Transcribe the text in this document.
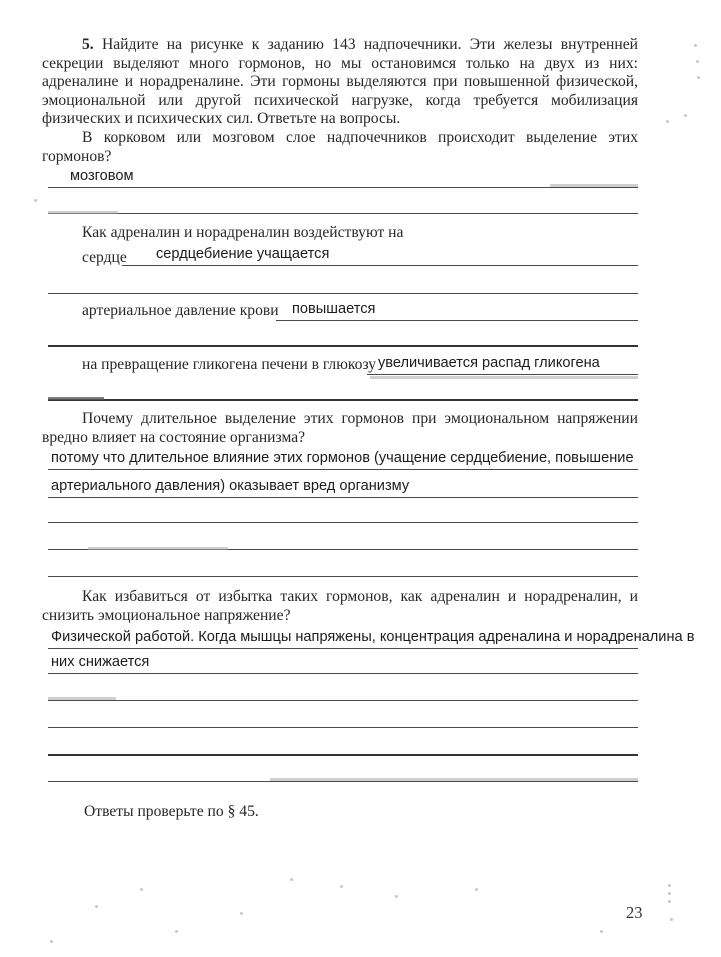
5. Найдите на рисунке к заданию 143 надпочечники. Эти железы внутренней секреции выделяют много гормонов, но мы остановимся только на двух из них: адреналине и норадреналине. Эти гормоны выделяются при повышенной физической, эмоциональной или другой психической нагрузке, когда требуется мобилизация физических и психических сил. Ответьте на вопросы.

В корковом или мозговом слое надпочечников происходит выделение этих гормонов?

мозговом
Как адреналин и норадреналин воздействуют на
сердце сердцебиение учащается
артериальное давление крови повышается
на превращение гликогена печени в глюкозу увеличивается распад гликогена

Почему длительное выделение этих гормонов при эмоциональном напряжении вредно влияет на состояние организма?

потому что длительное влияние этих гормонов (учащение сердцебиение, повышение
артериального давления) оказывает вред организму

Как избавиться от избытка таких гормонов, как адреналин и норадреналин, и снизить эмоциональное напряжение?

Физической работой. Когда мышцы напряжены, концентрация адреналина и норадреналина в
них снижается
Ответы проверьте по § 45.
23
